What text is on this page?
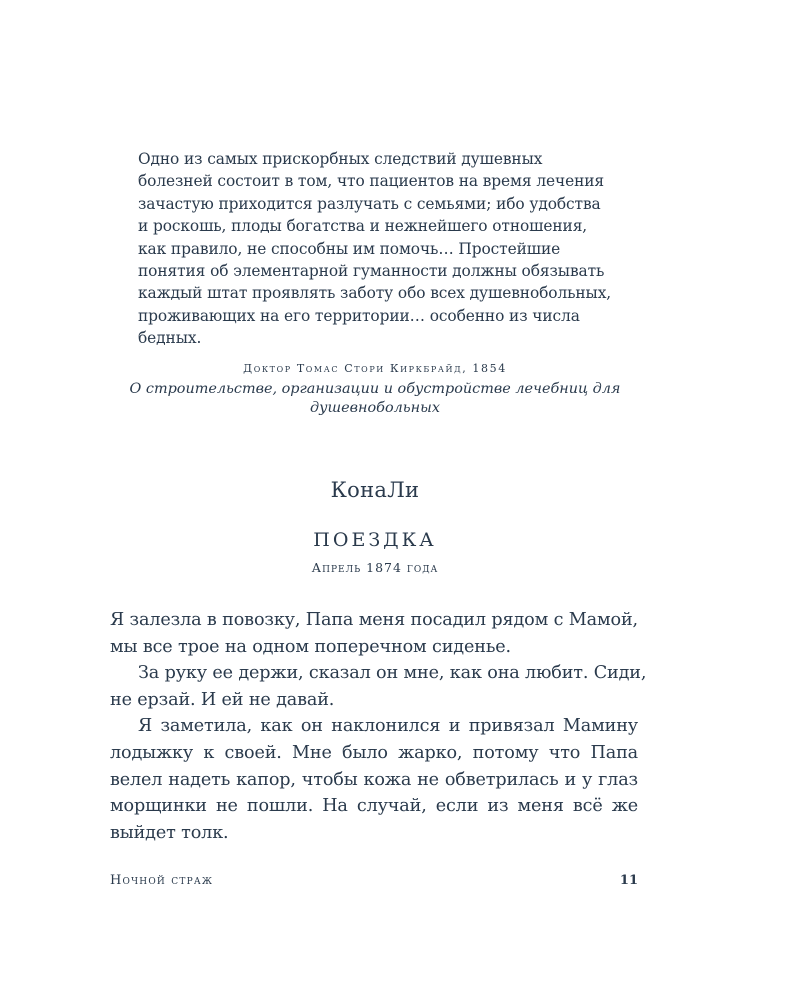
Одно из самых прискорбных следствий душевных
болезней состоит в том, что пациентов на время лечения
зачастую приходится разлучать с семьями; ибо удобства
и роскошь, плоды богатства и нежнейшего отношения,
как правило, не способны им помочь… Простейшие
понятия об элементарной гуманности должны обязывать
каждый штат проявлять заботу обо всех душевнобольных,
проживающих на его территории… особенно из числа
бедных.
Доктор Томас Стори Киркбрайд, 1854
О строительстве, организации и обустройстве лечебниц для
душевнобольных
КонаЛи
ПОЕЗДКА
Апрель 1874 года
Я залезла в повозку, Папа меня посадил рядом с Мамой,
мы все трое на одном поперечном сиденье.
За руку ее держи, сказал он мне, как она любит. Сиди,
не ерзай. И ей не давай.
Я заметила, как он наклонился и привязал Мамину
лодыжку к своей. Мне было жарко, потому что Папа
велел надеть капор, чтобы кожа не обветрилась и у глаз
морщинки не пошли. На случай, если из меня всё же
выйдет толк.
Ночной страж	11
